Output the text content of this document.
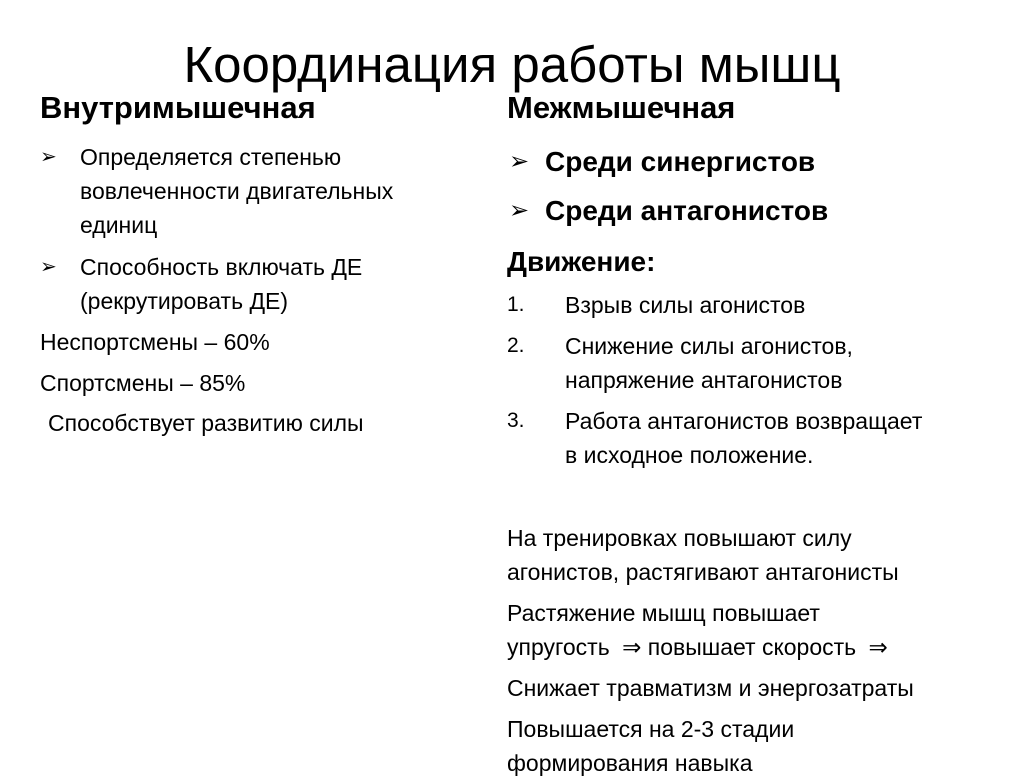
Координация работы мышц
Внутримышечная
➢ Определяется степенью
вовлеченности двигательных
единиц
➢ Способность включать ДЕ
(рекрутировать ДЕ)
Неспортсмены – 60%
Спортсмены – 85%
Способствует развитию силы
Межмышечная
➢ Среди синергистов
➢ Среди антагонистов
Движение:
1. Взрыв силы агонистов
2. Снижение силы агонистов,
напряжение антагонистов
3. Работа антагонистов возвращает
в исходное положение.
На тренировках повышают силу
агонистов, растягивают антагонисты
Растяжение мышц повышает
упругость ⇒ повышает скорость ⇒
Снижает травматизм и энергозатраты
Повышается на 2-3 стадии
формирования навыка
